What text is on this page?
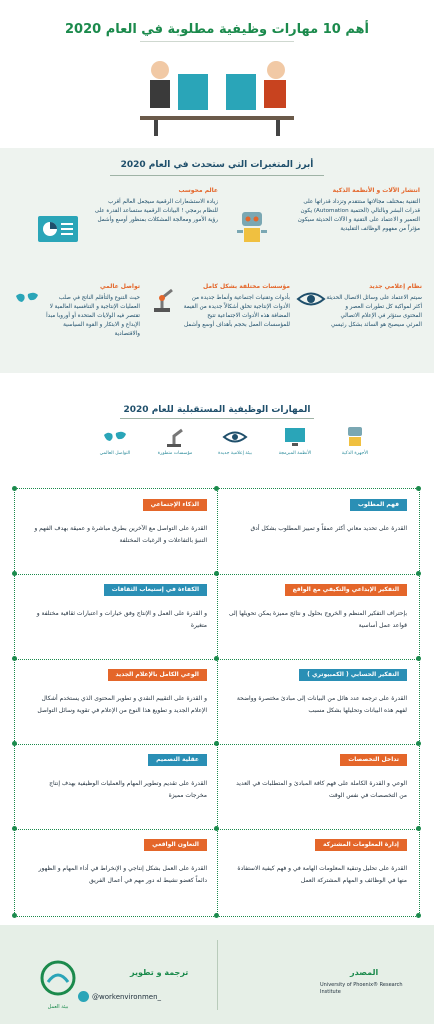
أهم 10 مهارات وظيفية مطلوبة في العام 2020
أبرز المتغيرات التي ستحدث في العام 2020
انتشار الآلات و الأنظمة الذكية
التقنية بمختلف مجالاتها ستتقدم وتزداد قدراتها على قدرات البشر وبالتالي (الحتمية Automation) يكون التعمير و الاعتماد على التقنية و الآلات الحديثة سيكون مؤثراً من مفهوم الوظائف التقليدية
عالم محوسب
زيادة الاستشعارات الرقمية سيجعل العالم أقرب للنظام برمجي ! البيانات الرقمية ستساعد القدرة على رؤية الأمور ومعالجة المشكلات بمنظور أوسع وأشمل
نظام إعلامي جديد
سيتم الاعتماد على وسائل الاتصال الحديثة أكثر لمواكبة كل تطورات العصر و المحتوى ستؤثر في الإعلام الاتصالي المرئي سيصبح هو السائد بشكل رئيسي
مؤسسات مختلفة بشكل كامل
بأدوات وتقنيات اجتماعية وأنماط جديدة من الأدوات الإنتاجية تخلق أشكالاً جديدة من القيمة المضافة هذه الأدوات الاجتماعية تتيح للمؤسسات العمل بحجم بأهداف أوسع وأشمل
تواصل عالمي
حيث التنوع والتأقلم الناتج في صلب العمليات الإنتاجية و التنافسية العالمية لا تقتصر فيه الولايات المتحدة أو أوروبا مبدأ الإبداع و الابتكار و القوة السياسية والاقتصادية
المهارات الوظيفية المستقبلية للعام 2020
الأجهزة الذكية
الأنظمة المبرمجة
بيئة إعلامية جديدة
مؤسسات متطورة
التواصل العالمي
فهم المطلوب
القدرة على تحديد معاني أكثر عمقاً و تمييز المطلوب بشكل أدق
الذكاء الإجتماعي
القدرة على التواصل مع الآخرين بطرق مباشرة و عميقة بهدف الفهم و التنبؤ بالتفاعلات و الرغبات المختلفة
التفكير الإبداعي والتكيفي مع الواقع
بإحتراف التفكير المنظم و الخروج بحلول و نتائج مميزة يمكن تحويلها إلى قواعد عمل أساسية
الكفاءة في إستيعاب الثقافات
و القدرة على العمل و الإنتاج وفق خيارات و اعتبارات ثقافية مختلفة و متغيرة
التفكير الحسابي ( الكمبيوتري )
القدرة على ترجمة عدد هائل من البيانات إلى مبادئ مختصرة وواضحة لفهم هذه البيانات وتحليلها بشكل مسبب
الوعي الكامل بالإعلام الجديد
و القدرة على التقييم النقدي و تطوير المحتوى الذي يستخدم أشكال الإعلام الجديد و تطويع هذا النوع من الإعلام في تقوية وسائل التواصل
تداخل التخصصات
الوعي و القدرة الكاملة على فهم كافة المبادئ و المتطلبات في العديد من التخصصات في نفس الوقت
عقلية التصميم
القدرة على تقديم وتطوير المهام والعمليات الوظيفية بهدف إنتاج مخرجات مميزة
إدارة المعلومات المشتركة
القدرة على تحليل وتنقية المعلومات الهامة في و فهم كيفية الاستفادة منها في الوظائف و المهام المشتركة العمل
التعاون الواقعي
القدرة على العمل بشكل إنتاجي و الإنخراط في أداء المهام و الظهور دائماً كعضو نشيط له دور مهم في أعمال الفريق
بيئة العمل
ترجمة و تطوير
@workenvironmen_
المصدر
University of Phoenix® Research Institute
